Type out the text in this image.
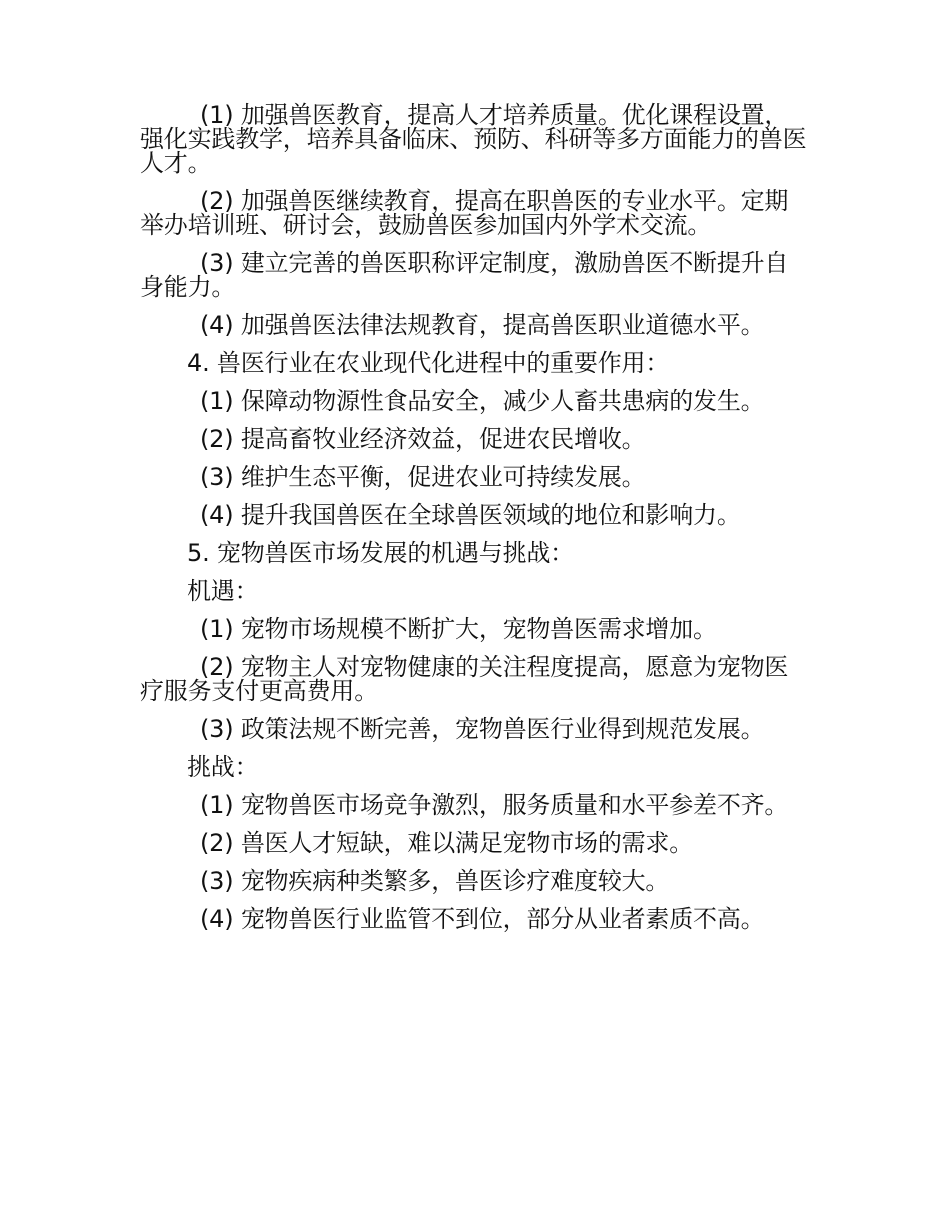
(1) 加强兽医教育，提高人才培养质量。优化课程设置，强化实践教学，培养具备临床、预防、科研等多方面能力的兽医人才。

(2) 加强兽医继续教育，提高在职兽医的专业水平。定期举办培训班、研讨会，鼓励兽医参加国内外学术交流。

(3) 建立完善的兽医职称评定制度，激励兽医不断提升自身能力。

(4) 加强兽医法律法规教育，提高兽医职业道德水平。

4. 兽医行业在农业现代化进程中的重要作用：

(1) 保障动物源性食品安全，减少人畜共患病的发生。

(2) 提高畜牧业经济效益，促进农民增收。

(3) 维护生态平衡，促进农业可持续发展。

(4) 提升我国兽医在全球兽医领域的地位和影响力。

5. 宠物兽医市场发展的机遇与挑战：

机遇：

(1) 宠物市场规模不断扩大，宠物兽医需求增加。

(2) 宠物主人对宠物健康的关注程度提高，愿意为宠物医疗服务支付更高费用。

(3) 政策法规不断完善，宠物兽医行业得到规范发展。

挑战：

(1) 宠物兽医市场竞争激烈，服务质量和水平参差不齐。

(2) 兽医人才短缺，难以满足宠物市场的需求。

(3) 宠物疾病种类繁多，兽医诊疗难度较大。

(4) 宠物兽医行业监管不到位，部分从业者素质不高。
